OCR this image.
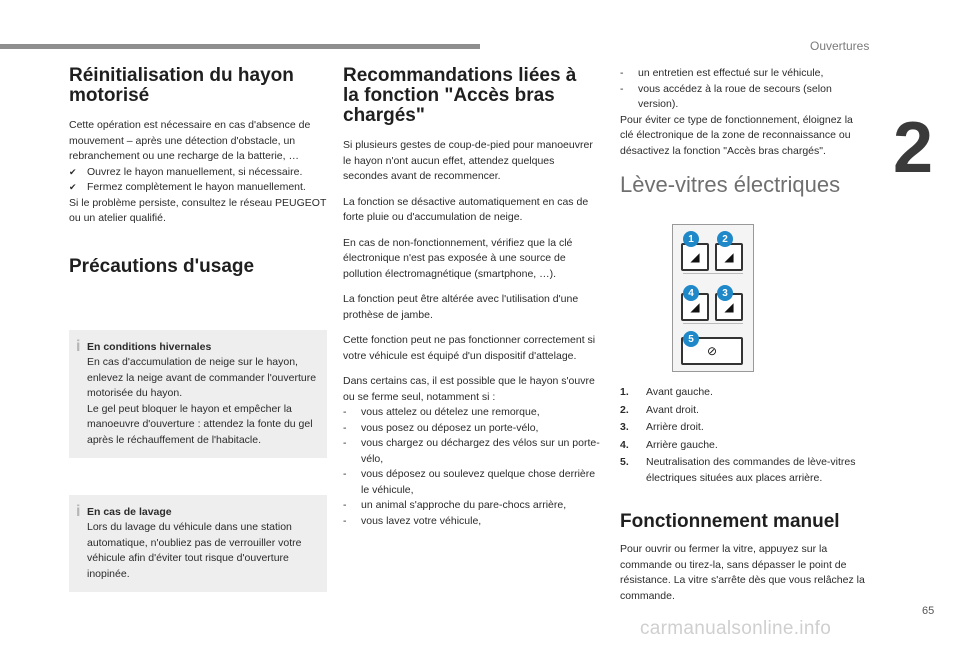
Ouvertures
2
65
carmanualsonline.info
Réinitialisation du hayon motorisé

Cette opération est nécessaire en cas d'absence de mouvement – après une détection d'obstacle, un rebranchement ou une recharge de la batterie, …

✔ Ouvrez le hayon manuellement, si nécessaire.
✔ Fermez complètement le hayon manuellement.

Si le problème persiste, consultez le réseau PEUGEOT ou un atelier qualifié.

Précautions d'usage
i En conditions hivernales
En cas d'accumulation de neige sur le hayon, enlevez la neige avant de commander l'ouverture motorisée du hayon.
Le gel peut bloquer le hayon et empêcher la manoeuvre d'ouverture : attendez la fonte du gel après le réchauffement de l'habitacle.
i En cas de lavage
Lors du lavage du véhicule dans une station automatique, n'oubliez pas de verrouiller votre véhicule afin d'éviter tout risque d'ouverture inopinée.
Recommandations liées à la fonction "Accès bras chargés"

Si plusieurs gestes de coup-de-pied pour manoeuvrer le hayon n'ont aucun effet, attendez quelques secondes avant de recommencer.

La fonction se désactive automatiquement en cas de forte pluie ou d'accumulation de neige.

En cas de non-fonctionnement, vérifiez que la clé électronique n'est pas exposée à une source de pollution électromagnétique (smartphone, …).

La fonction peut être altérée avec l'utilisation d'une prothèse de jambe.

Cette fonction peut ne pas fonctionner correctement si votre véhicule est équipé d'un dispositif d'attelage.

Dans certains cas, il est possible que le hayon s'ouvre ou se ferme seul, notamment si :

- vous attelez ou dételez une remorque,
- vous posez ou déposez un porte-vélo,
- vous chargez ou déchargez des vélos sur un porte-vélo,
- vous déposez ou soulevez quelque chose derrière le véhicule,
- un animal s'approche du pare-chocs arrière,
- vous lavez votre véhicule,
- un entretien est effectué sur le véhicule,
- vous accédez à la roue de secours (selon version).

Pour éviter ce type de fonctionnement, éloignez la clé électronique de la zone de reconnaissance ou désactivez la fonction "Accès bras chargés".

Lève-vitres électriques
◢	◢
◢	◢
⊘
1	2
4	3
5
1. Avant gauche.
2. Avant droit.
3. Arrière droit.
4. Arrière gauche.
5. Neutralisation des commandes de lève-vitres électriques situées aux places arrière.
Fonctionnement manuel

Pour ouvrir ou fermer la vitre, appuyez sur la commande ou tirez-la, sans dépasser le point de résistance. La vitre s'arrête dès que vous relâchez la commande.
